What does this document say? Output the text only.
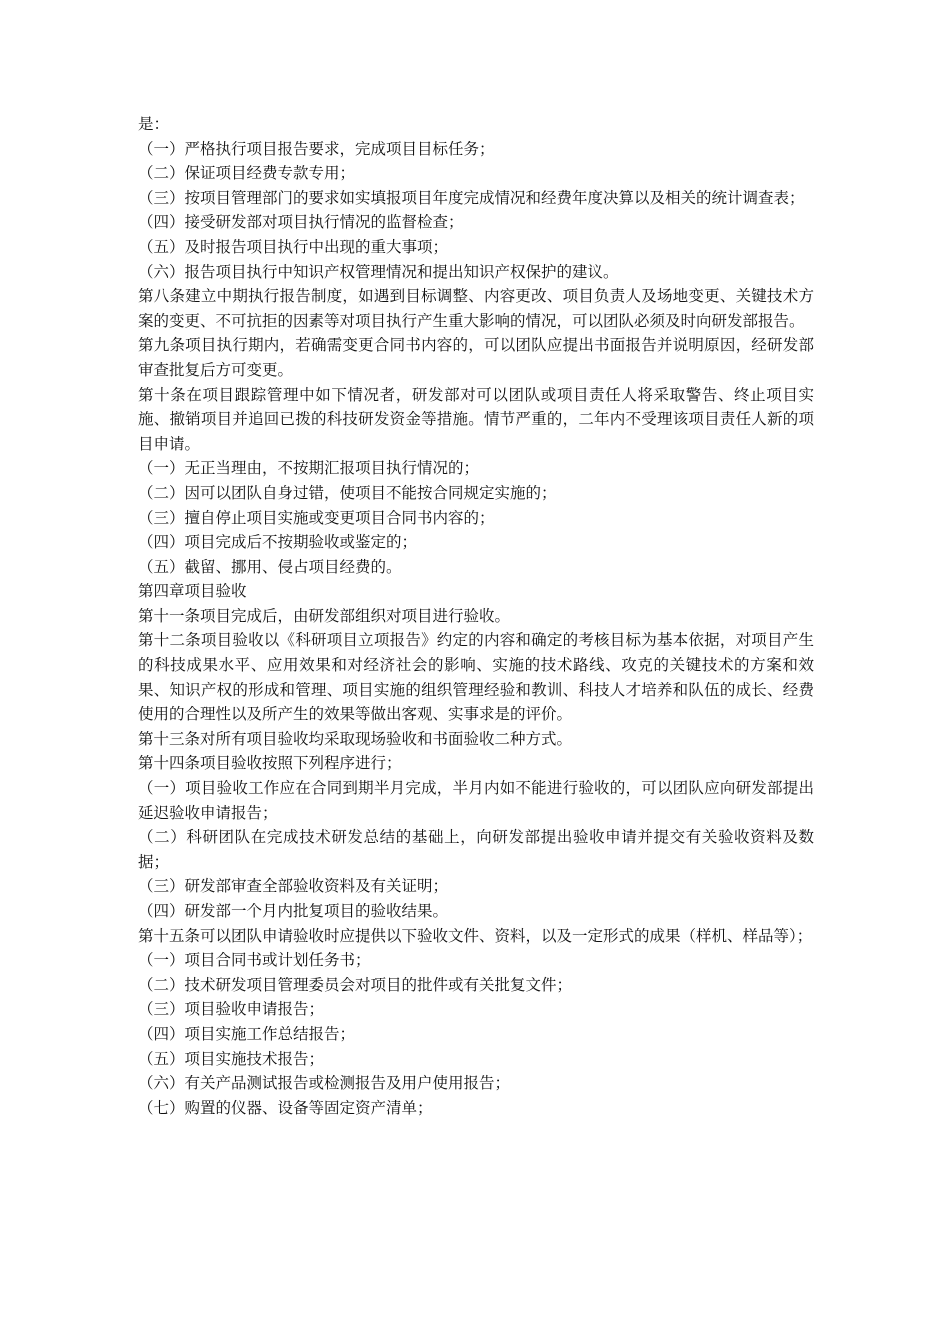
是：

（一）严格执行项目报告要求，完成项目目标任务；

（二）保证项目经费专款专用；

（三）按项目管理部门的要求如实填报项目年度完成情况和经费年度决算以及相关的统计调查表；

（四）接受研发部对项目执行情况的监督检查；

（五）及时报告项目执行中出现的重大事项；

（六）报告项目执行中知识产权管理情况和提出知识产权保护的建议。

第八条建立中期执行报告制度，如遇到目标调整、内容更改、项目负责人及场地变更、关键技术方案的变更、不可抗拒的因素等对项目执行产生重大影响的情况，可以团队必须及时向研发部报告。

第九条项目执行期内，若确需变更合同书内容的，可以团队应提出书面报告并说明原因，经研发部审查批复后方可变更。

第十条在项目跟踪管理中如下情况者，研发部对可以团队或项目责任人将采取警告、终止项目实施、撤销项目并追回已拨的科技研发资金等措施。情节严重的，二年内不受理该项目责任人新的项目申请。

（一）无正当理由，不按期汇报项目执行情况的；

（二）因可以团队自身过错，使项目不能按合同规定实施的；

（三）擅自停止项目实施或变更项目合同书内容的；

（四）项目完成后不按期验收或鉴定的；

（五）截留、挪用、侵占项目经费的。

第四章项目验收

第十一条项目完成后，由研发部组织对项目进行验收。

第十二条项目验收以《科研项目立项报告》约定的内容和确定的考核目标为基本依据，对项目产生的科技成果水平、应用效果和对经济社会的影响、实施的技术路线、攻克的关键技术的方案和效果、知识产权的形成和管理、项目实施的组织管理经验和教训、科技人才培养和队伍的成长、经费使用的合理性以及所产生的效果等做出客观、实事求是的评价。

第十三条对所有项目验收均采取现场验收和书面验收二种方式。

第十四条项目验收按照下列程序进行；

（一）项目验收工作应在合同到期半月完成，半月内如不能进行验收的，可以团队应向研发部提出延迟验收申请报告；

（二）科研团队在完成技术研发总结的基础上，向研发部提出验收申请并提交有关验收资料及数据；

（三）研发部审查全部验收资料及有关证明；

（四）研发部一个月内批复项目的验收结果。

第十五条可以团队申请验收时应提供以下验收文件、资料，以及一定形式的成果（样机、样品等）；

（一）项目合同书或计划任务书；

（二）技术研发项目管理委员会对项目的批件或有关批复文件；

（三）项目验收申请报告；

（四）项目实施工作总结报告；

（五）项目实施技术报告；

（六）有关产品测试报告或检测报告及用户使用报告；

（七）购置的仪器、设备等固定资产清单；
